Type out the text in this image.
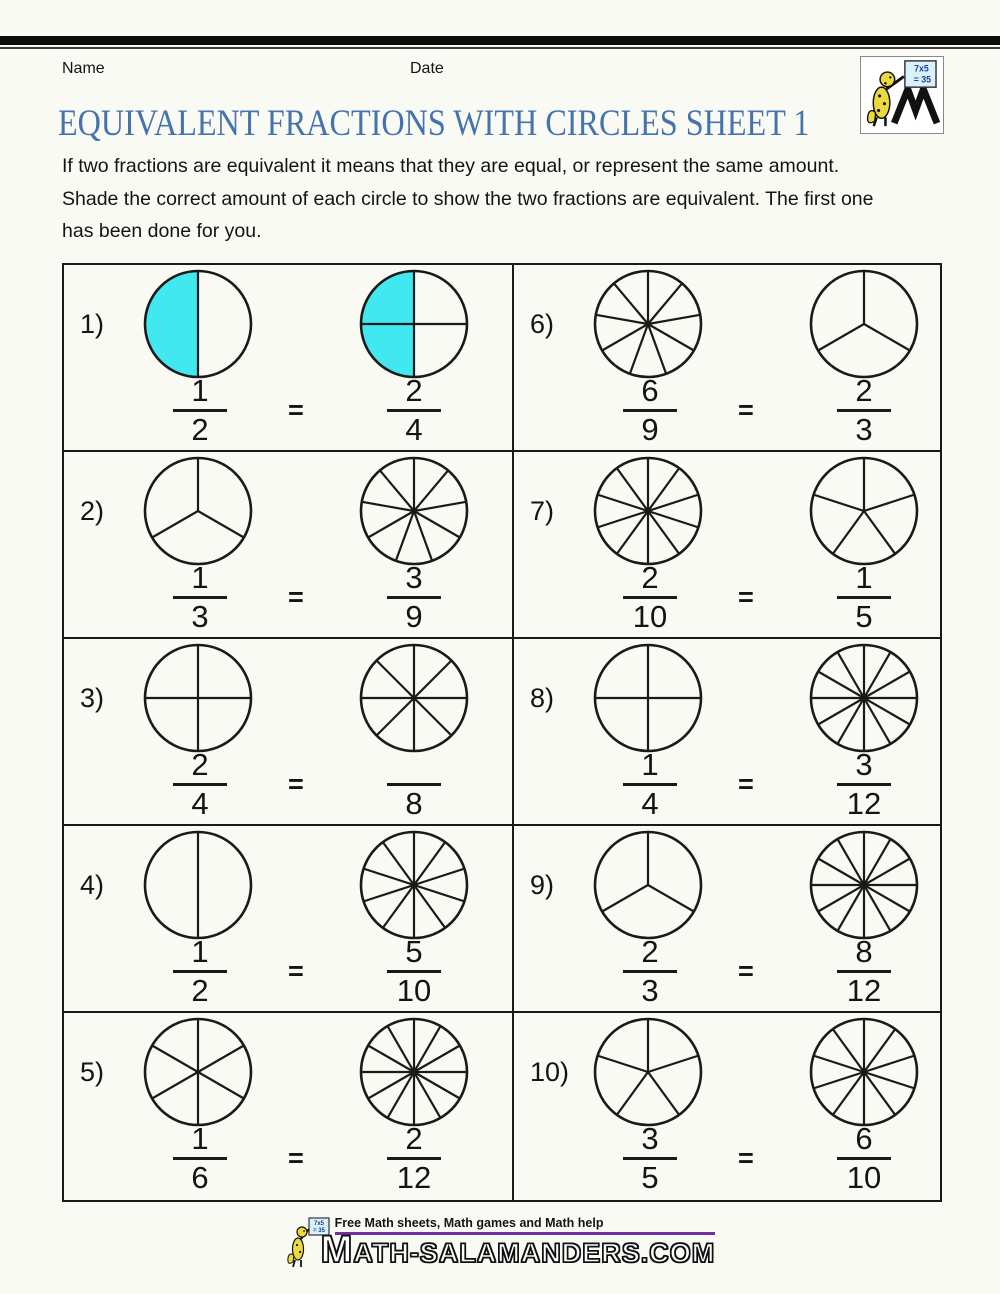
Name	Date	7x5
= 35
EQUIVALENT FRACTIONS WITH CIRCLES SHEET 1
If two fractions are equivalent it means that they are equal, or represent the same amount.
Shade the correct amount of each circle to show the two fractions are equivalent. The first one
has been done for you.
1)
1
2
=
2
4
6)
6
9
=
2
3
2)
1
3
=
3
9
7)
2
10
=
1
5
3)
2
4
=
8
8)
1
4
=
3
12
4)
1
2
=
5
10
9)
2
3
=
8
12
5)
1
6
=
2
12
10)
3
5
=
6
10
7x5
= 35
Free Math sheets, Math games and Math help
MATH-SALAMANDERS.COM
